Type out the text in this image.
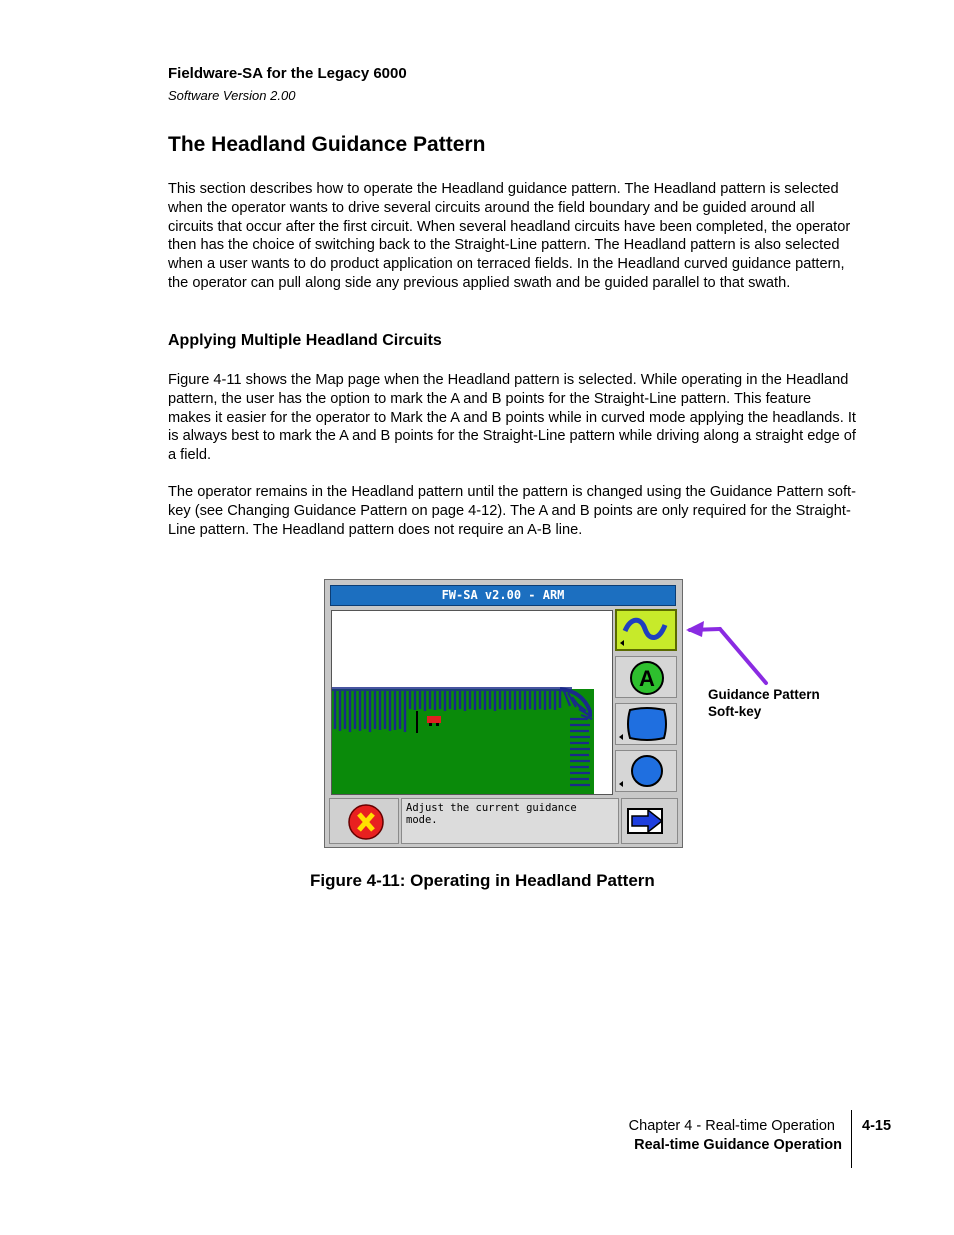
Fieldware-SA for the Legacy 6000
Software Version 2.00
The Headland Guidance Pattern

This section describes how to operate the Headland guidance pattern. The Headland pattern is selected when the operator wants to drive several circuits around the field boundary and be guided around all circuits that occur after the first circuit. When several headland circuits have been completed, the operator then has the choice of switching back to the Straight-Line pattern. The Headland pattern is also selected when a user wants to do product application on terraced fields. In the Headland curved guidance pattern, the operator can pull along side any previous applied swath and be guided parallel to that swath.

Applying Multiple Headland Circuits

Figure 4-11 shows the Map page when the Headland pattern is selected. While operating in the Headland pattern, the user has the option to mark the A and B points for the Straight-Line pattern. This feature makes it easier for the operator to Mark the A and B points while in curved mode applying the headlands. It is always best to mark the A and B points for the Straight-Line pattern while driving along a straight edge of a field.

The operator remains in the Headland pattern until the pattern is changed using the Guidance Pattern soft-key (see Changing Guidance Pattern on page 4-12). The A and B points are only required for the Straight-Line pattern. The Headland pattern does not require an A-B line.

FW-SA v2.00 - ARM
A
Adjust the current guidance mode.
Guidance Pattern
Soft-key
Figure 4-11: Operating in Headland Pattern
Chapter 4 - Real-time Operation
Real-time Guidance Operation
4-15
